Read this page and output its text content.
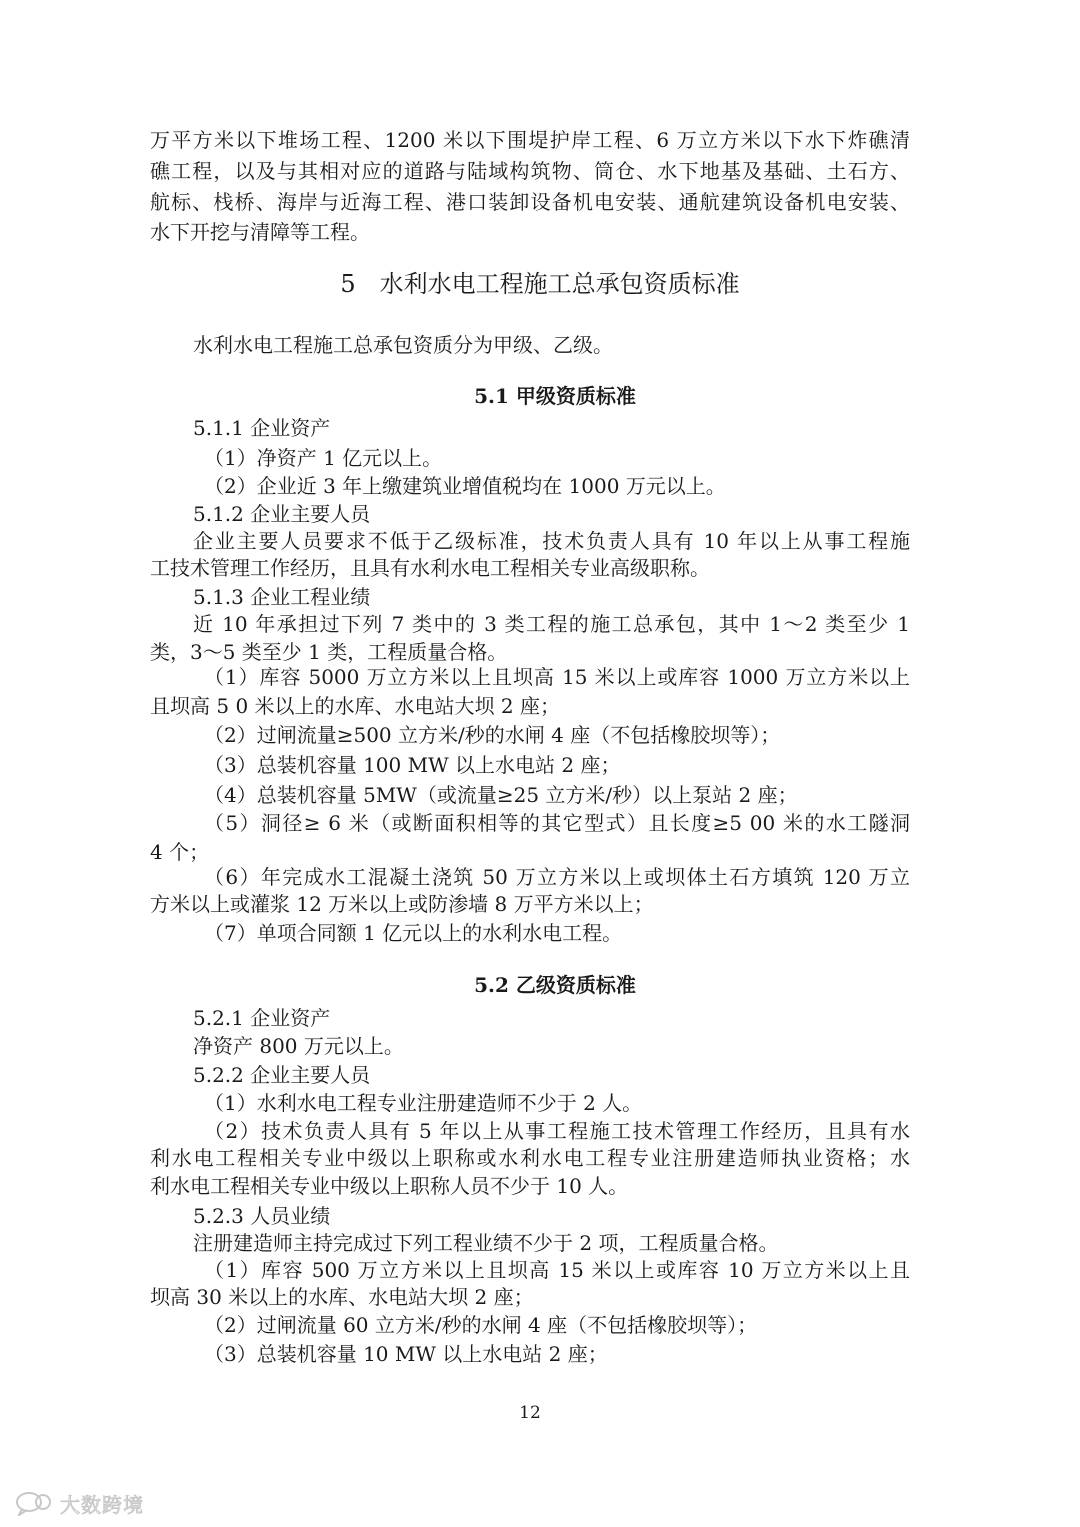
万平方米以下堆场工程、1200 米以下围堤护岸工程、6 万立方米以下水下炸礁清
礁工程，以及与其相对应的道路与陆域构筑物、筒仓、水下地基及基础、土石方、
航标、栈桥、海岸与近海工程、港口装卸设备机电安装、通航建筑设备机电安装、
水下开挖与清障等工程。
5　水利水电工程施工总承包资质标准
水利水电工程施工总承包资质分为甲级、乙级。
5.1 甲级资质标准
5.1.1 企业资产
（1）净资产 1 亿元以上。
（2）企业近 3 年上缴建筑业增值税均在 1000 万元以上。
5.1.2 企业主要人员
企业主要人员要求不低于乙级标准，技术负责人具有 10 年以上从事工程施
工技术管理工作经历，且具有水利水电工程相关专业高级职称。
5.1.3 企业工程业绩
近 10 年承担过下列 7 类中的 3 类工程的施工总承包，其中 1～2 类至少 1
类，3～5 类至少 1 类，工程质量合格。
（1）库容 5000 万立方米以上且坝高 15 米以上或库容 1000 万立方米以上
且坝高 5 0 米以上的水库、水电站大坝 2 座；
（2）过闸流量≥500 立方米/秒的水闸 4 座（不包括橡胶坝等）；
（3）总装机容量 100 MW 以上水电站 2 座；
（4）总装机容量 5MW（或流量≥25 立方米/秒）以上泵站 2 座；
（5）洞径≥ 6 米（或断面积相等的其它型式）且长度≥5 00 米的水工隧洞
4 个；
（6）年完成水工混凝土浇筑 50 万立方米以上或坝体土石方填筑 120 万立
方米以上或灌浆 12 万米以上或防渗墙 8 万平方米以上；
（7）单项合同额 1 亿元以上的水利水电工程。
5.2 乙级资质标准
5.2.1 企业资产
净资产 800 万元以上。
5.2.2 企业主要人员
（1）水利水电工程专业注册建造师不少于 2 人。
（2）技术负责人具有 5 年以上从事工程施工技术管理工作经历，且具有水
利水电工程相关专业中级以上职称或水利水电工程专业注册建造师执业资格；水
利水电工程相关专业中级以上职称人员不少于 10 人。
5.2.3 人员业绩
注册建造师主持完成过下列工程业绩不少于 2 项，工程质量合格。
（1）库容 500 万立方米以上且坝高 15 米以上或库容 10 万立方米以上且
坝高 30 米以上的水库、水电站大坝 2 座；
（2）过闸流量 60 立方米/秒的水闸 4 座（不包括橡胶坝等）；
（3）总装机容量 10 MW 以上水电站 2 座；
12
大数跨境
